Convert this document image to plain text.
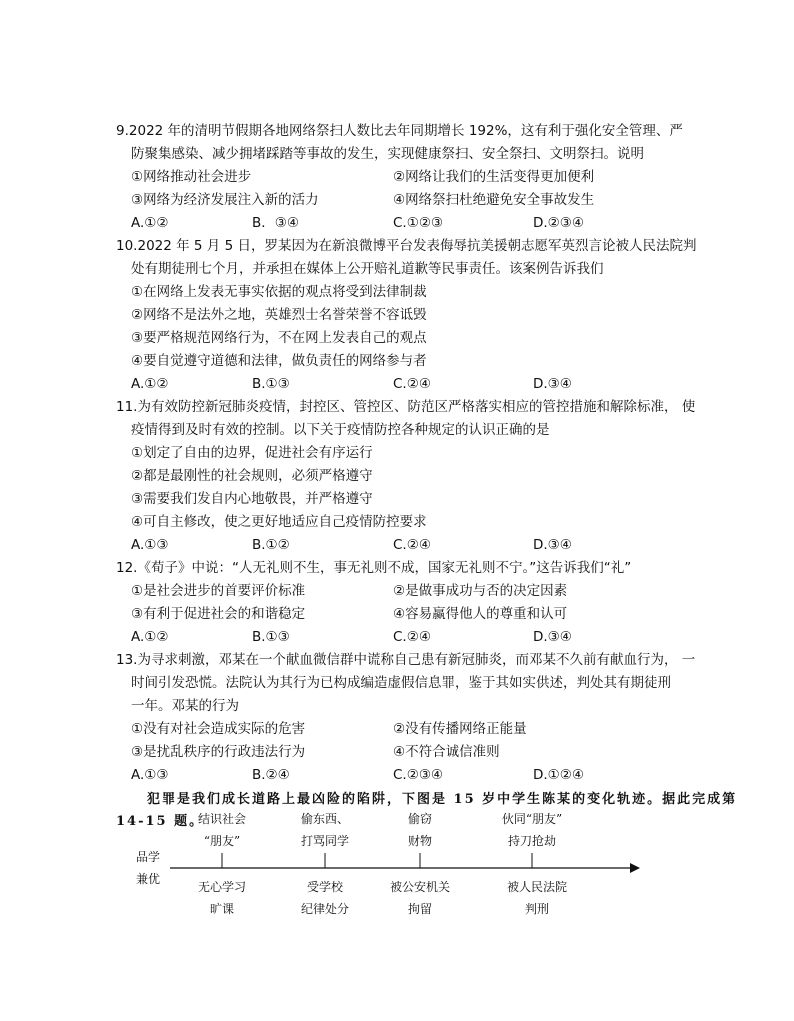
9.2022 年的清明节假期各地网络祭扫人数比去年同期增长 192%，这有利于强化安全管理、严
防聚集感染、减少拥堵踩踏等事故的发生，实现健康祭扫、安全祭扫、文明祭扫。说明
①网络推动社会进步	②网络让我们的生活变得更加便利
③网络为经济发展注入新的活力	④网络祭扫杜绝避免安全事故发生
A.①②	B．③④	C.①②③	D.②③④
10.2022 年 5 月 5 日，罗某因为在新浪微博平台发表侮辱抗美援朝志愿军英烈言论被人民法院判
处有期徒刑七个月，并承担在媒体上公开赔礼道歉等民事责任。该案例告诉我们
①在网络上发表无事实依据的观点将受到法律制裁
②网络不是法外之地，英雄烈士名誉荣誉不容诋毁
③要严格规范网络行为，不在网上发表自己的观点
④要自觉遵守道德和法律，做负责任的网络参与者
A.①②	B.①③	C.②④	D.③④
11.为有效防控新冠肺炎疫情，封控区、管控区、防范区严格落实相应的管控措施和解除标准， 使
疫情得到及时有效的控制。以下关于疫情防控各种规定的认识正确的是
①划定了自由的边界，促进社会有序运行
②都是最刚性的社会规则，必须严格遵守
③需要我们发自内心地敬畏，并严格遵守
④可自主修改，使之更好地适应自己疫情防控要求
A.①③	B.①②	C.②④	D.③④
12.《荀子》中说：“人无礼则不生，事无礼则不成，国家无礼则不宁。”这告诉我们“礼”
①是社会进步的首要评价标准	②是做事成功与否的决定因素
③有利于促进社会的和谐稳定	④容易赢得他人的尊重和认可
A.①②	B.①③	C.②④	D.③④
13.为寻求刺激，邓某在一个献血微信群中谎称自己患有新冠肺炎，而邓某不久前有献血行为， 一
时间引发恐慌。法院认为其行为已构成编造虚假信息罪，鉴于其如实供述，判处其有期徒刑
一年。邓某的行为
①没有对社会造成实际的危害	②没有传播网络正能量
③是扰乱秩序的行政违法行为	④不符合诚信准则
A.①③	B.②④	C.②③④	D.①②④
犯罪是我们成长道路上最凶险的陷阱，下图是 15 岁中学生陈某的变化轨迹。据此完成第
14-15 题。
品学
兼优
结识社会
“朋友”
偷东西、
打骂同学
偷窃
财物
伙同“朋友”
持刀抢劫
无心学习
旷课
受学校
纪律处分
被公安机关
拘留
被人民法院
判刑
